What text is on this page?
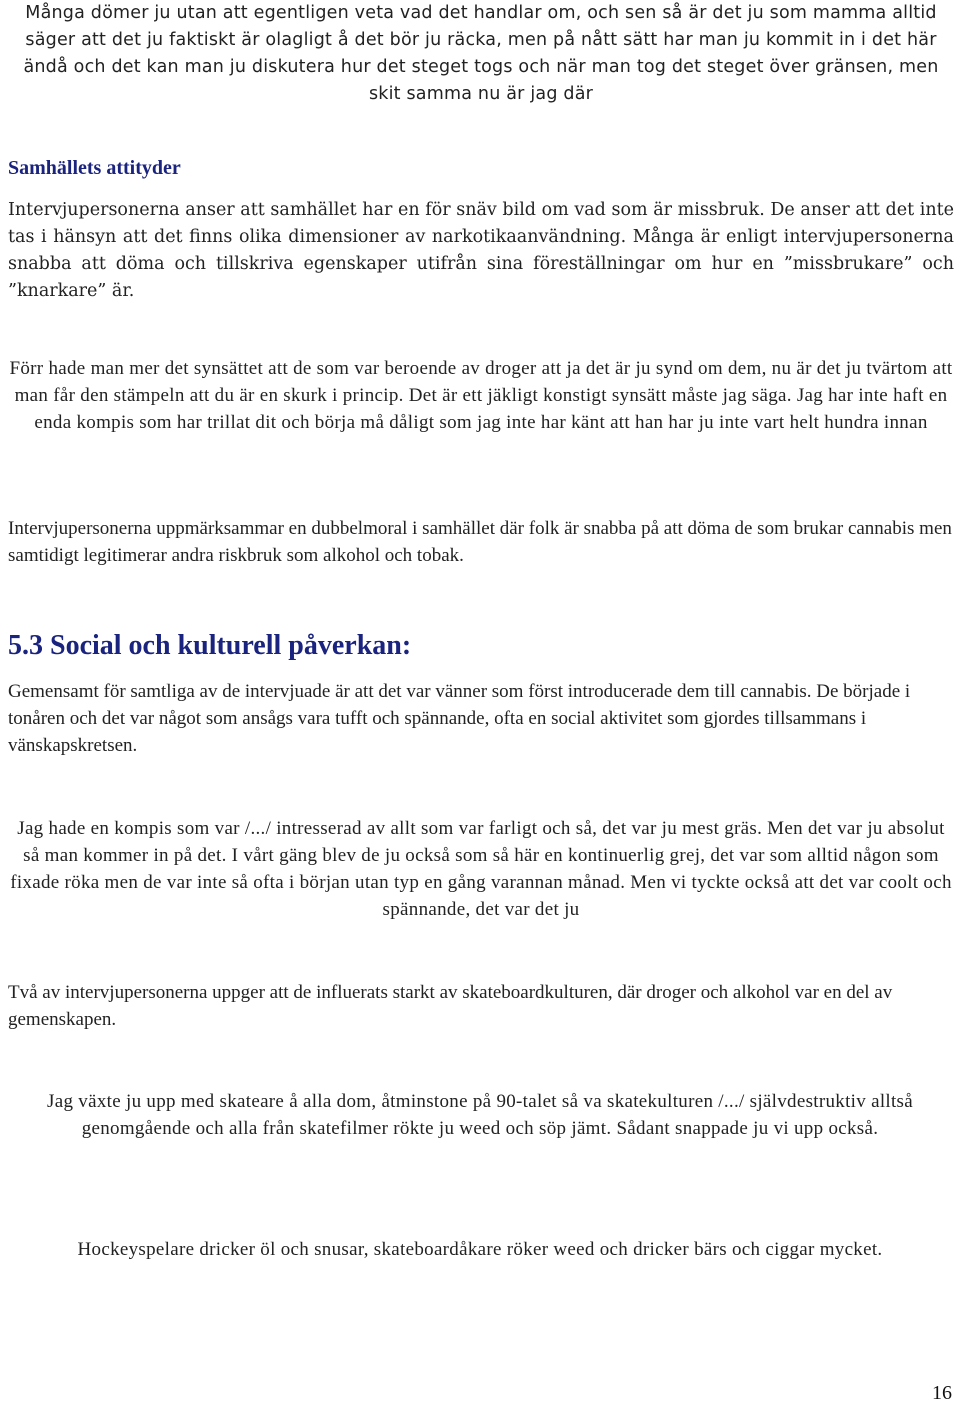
Många dömer ju utan att egentligen veta vad det handlar om, och sen så är det ju som mamma alltid säger att det ju faktiskt är olagligt å det bör ju räcka, men på nått sätt har man ju kommit in i det här ändå och det kan man ju diskutera hur det steget togs och när man tog det steget över gränsen, men skit samma nu är jag där

Samhällets attityder

Intervjupersonerna anser att samhället har en för snäv bild om vad som är missbruk. De anser att det inte tas i hänsyn att det finns olika dimensioner av narkotikaanvändning. Många är enligt intervjupersonerna snabba att döma och tillskriva egenskaper utifrån sina föreställningar om hur en ”missbrukare” och ”knarkare” är.

Förr hade man mer det synsättet att de som var beroende av droger att ja det är ju synd om dem, nu är det ju tvärtom att man får den stämpeln att du är en skurk i princip. Det är ett jäkligt konstigt synsätt måste jag säga. Jag har inte haft en enda kompis som har trillat dit och börja må dåligt som jag inte har känt att han har ju inte vart helt hundra innan

Intervjupersonerna uppmärksammar en dubbelmoral i samhället där folk är snabba på att döma de som brukar cannabis men samtidigt legitimerar andra riskbruk som alkohol och tobak.

5.3 Social och kulturell påverkan:

Gemensamt för samtliga av de intervjuade är att det var vänner som först introducerade dem till cannabis. De började i tonåren och det var något som ansågs vara tufft och spännande, ofta en social aktivitet som gjordes tillsammans i vänskapskretsen.

Jag hade en kompis som var /.../ intresserad av allt som var farligt och så, det var ju mest gräs. Men det var ju absolut så man kommer in på det. I vårt gäng blev de ju också som så här en kontinuerlig grej, det var som alltid någon som fixade röka men de var inte så ofta i början utan typ en gång varannan månad. Men vi tyckte också att det var coolt och spännande, det var det ju

Två av intervjupersonerna uppger att de influerats starkt av skateboardkulturen, där droger och alkohol var en del av gemenskapen.

Jag växte ju upp med skateare å alla dom, åtminstone på 90-talet så va skatekulturen /.../ självdestruktiv alltså genomgående och alla från skatefilmer rökte ju weed och söp jämt. Sådant snappade ju vi upp också.

Hockeyspelare dricker öl och snusar, skateboardåkare röker weed och dricker bärs och ciggar mycket.

16
